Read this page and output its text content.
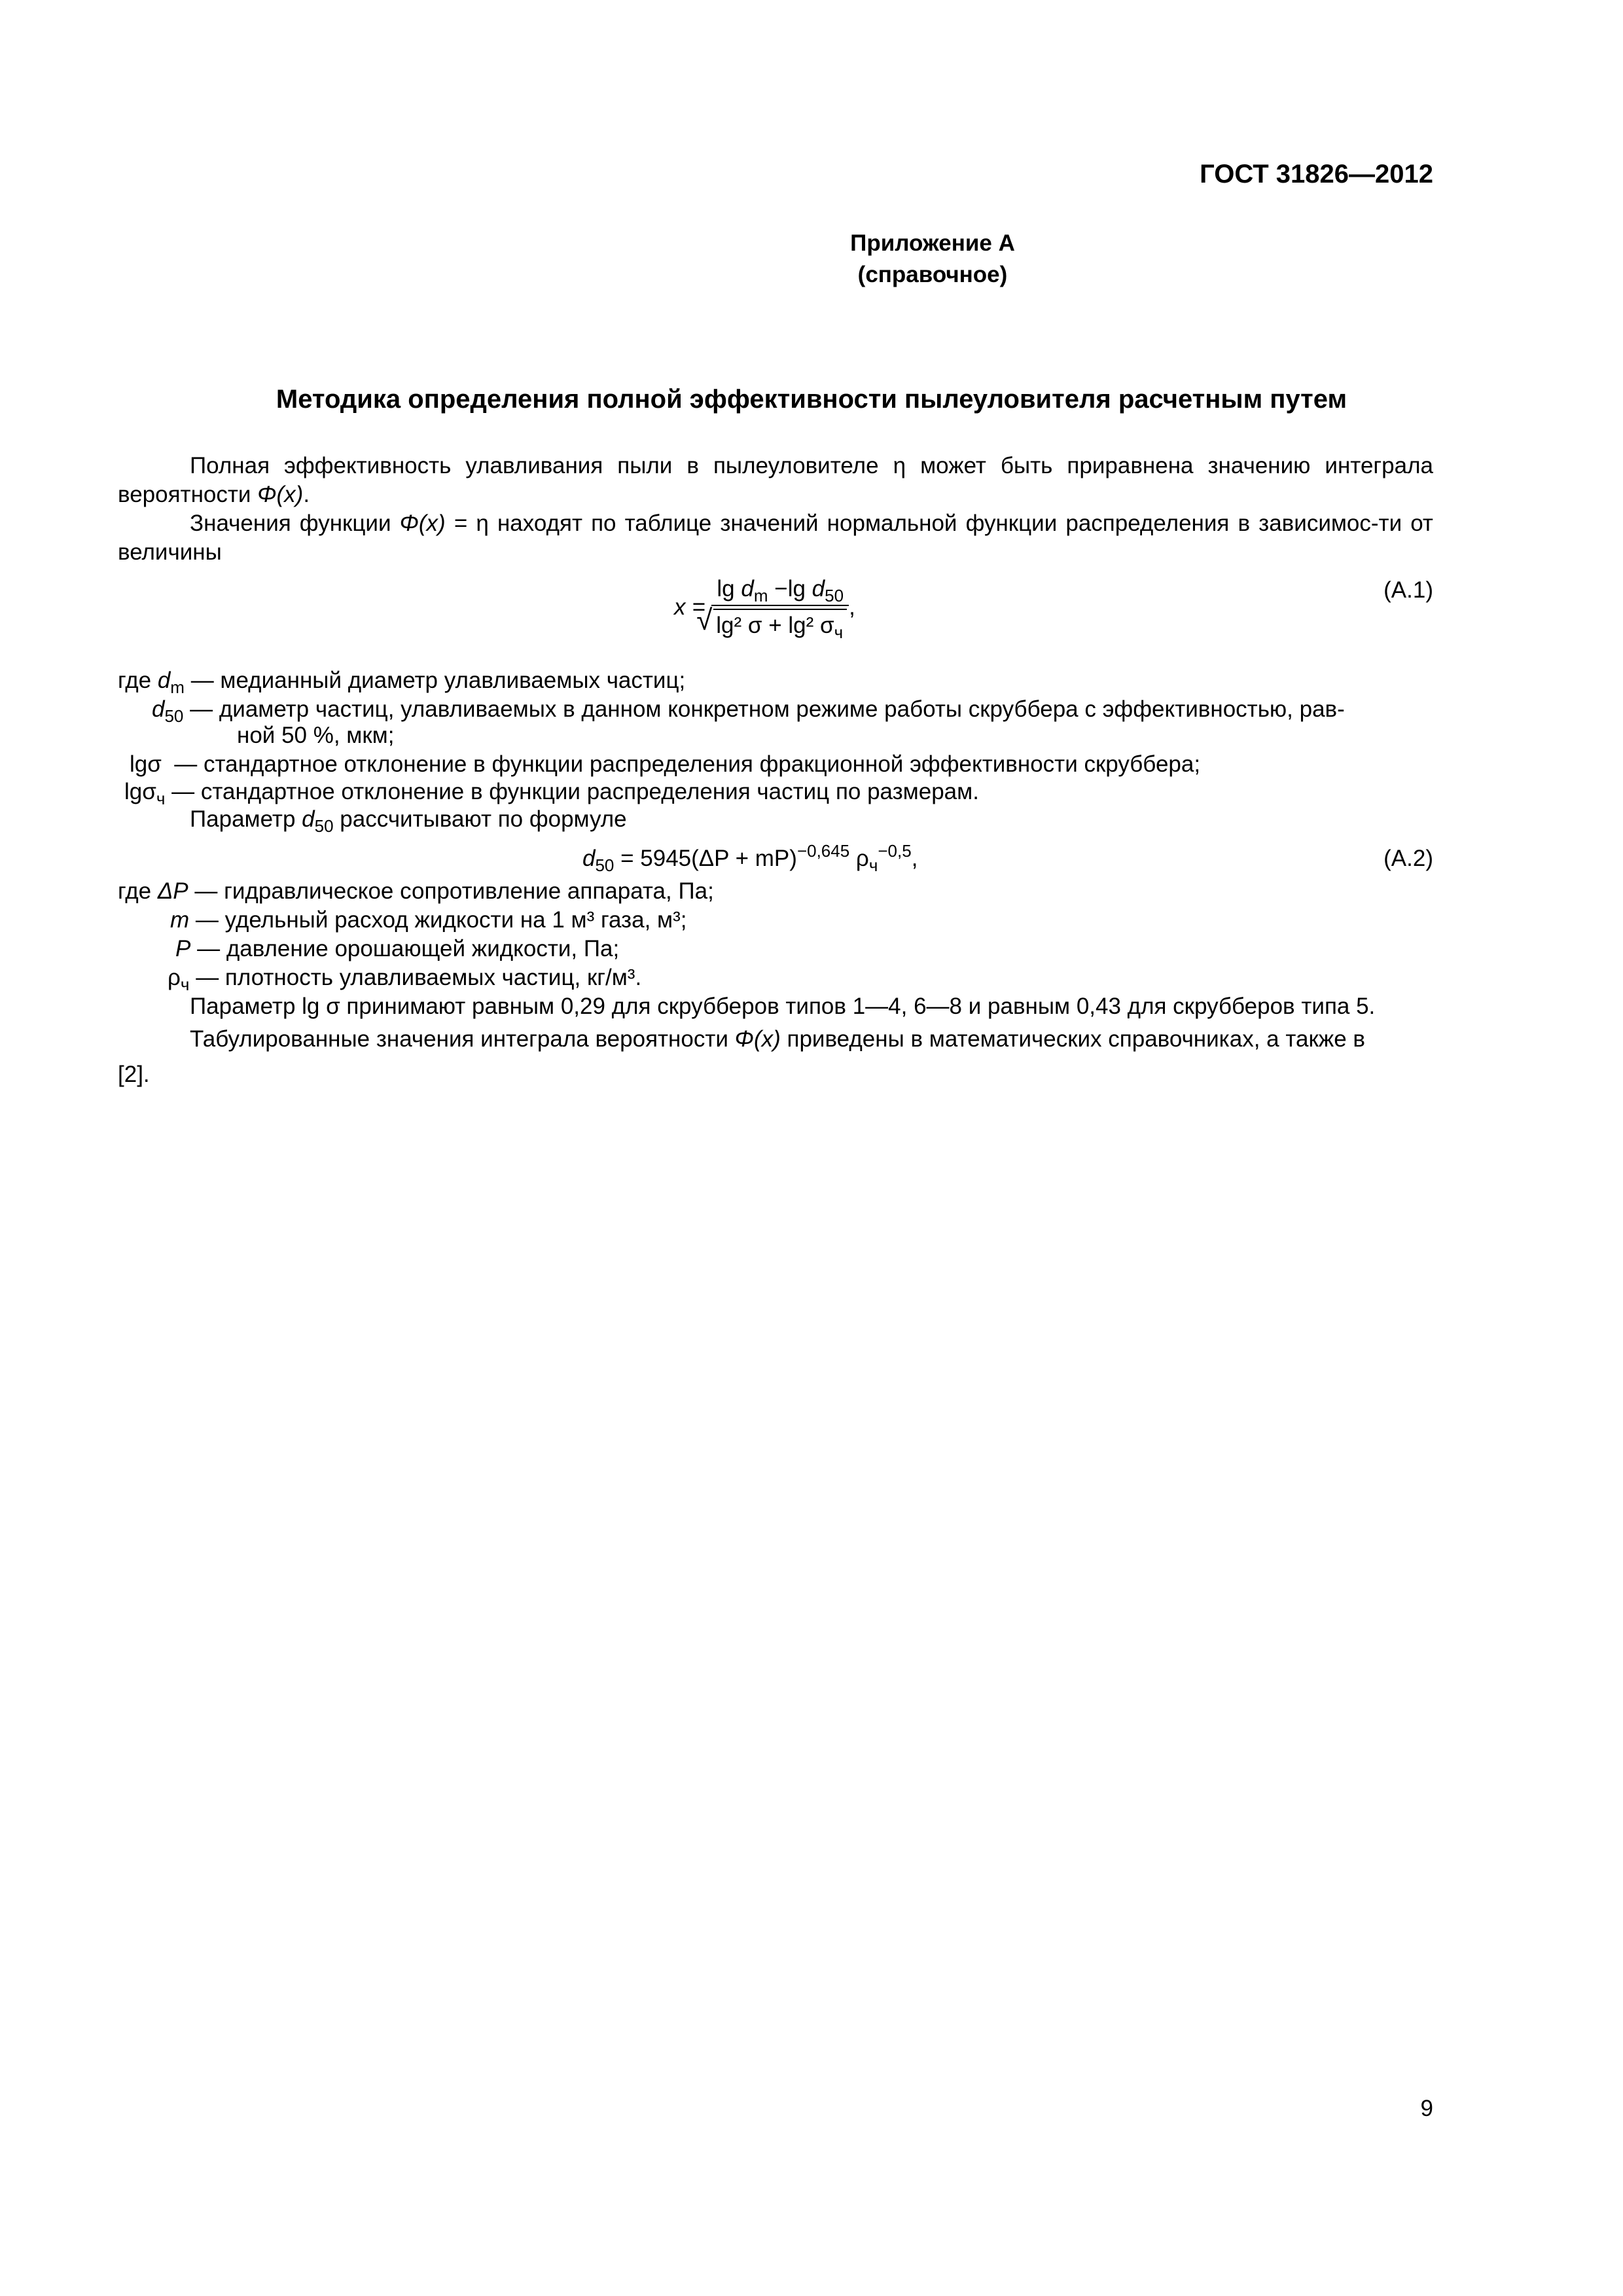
ГОСТ 31826—2012
Приложение А
(справочное)
Методика определения полной эффективности пылеуловителя расчетным путем
Полная эффективность улавливания пыли в пылеуловителе η может быть приравнена значению интеграла вероятности Φ(x).
Значения функции Φ(x) = η находят по таблице значений нормальной функции распределения в зависимос-ти от величины
$x = \lg d_m -\lg$ $d_{50}$
√ lg² σ + lg² $\sigma_ч$ ,
(A.1)
где $d_m$ — медианный диаметр улавливаемых частиц;
$d_{50}$ — диаметр частиц, улавливаемых в данном конкретном режиме работы скруббера с эффективностью, рав-
ной 50 %, мкм;
lgσ — стандартное отклонение в функции распределения фракционной эффективности скруббера;
lgσ$_ч$ — стандартное отклонение в функции распределения частиц по размерам.
Параметр $d_{50}$ рассчитывают по формуле
$d_{50} = 5945(\Delta P + mP)^{-0,645}$ $\rho_ч^{-0,5}$,	(A.2)
где ΔP — гидравлическое сопротивление аппарата, Па;
m — удельный расход жидкости на 1 м³ газа, м³;
P — давление орошающей жидкости, Па;
$\rho_ч$ — плотность улавливаемых частиц, кг/м³.
Параметр lg σ принимают равным 0,29 для скрубберов типов 1—4, 6—8 и равным 0,43 для скрубберов типа 5.
Табулированные значения интеграла вероятности Φ(x) приведены в математических справочниках, а также в
[2].
9
